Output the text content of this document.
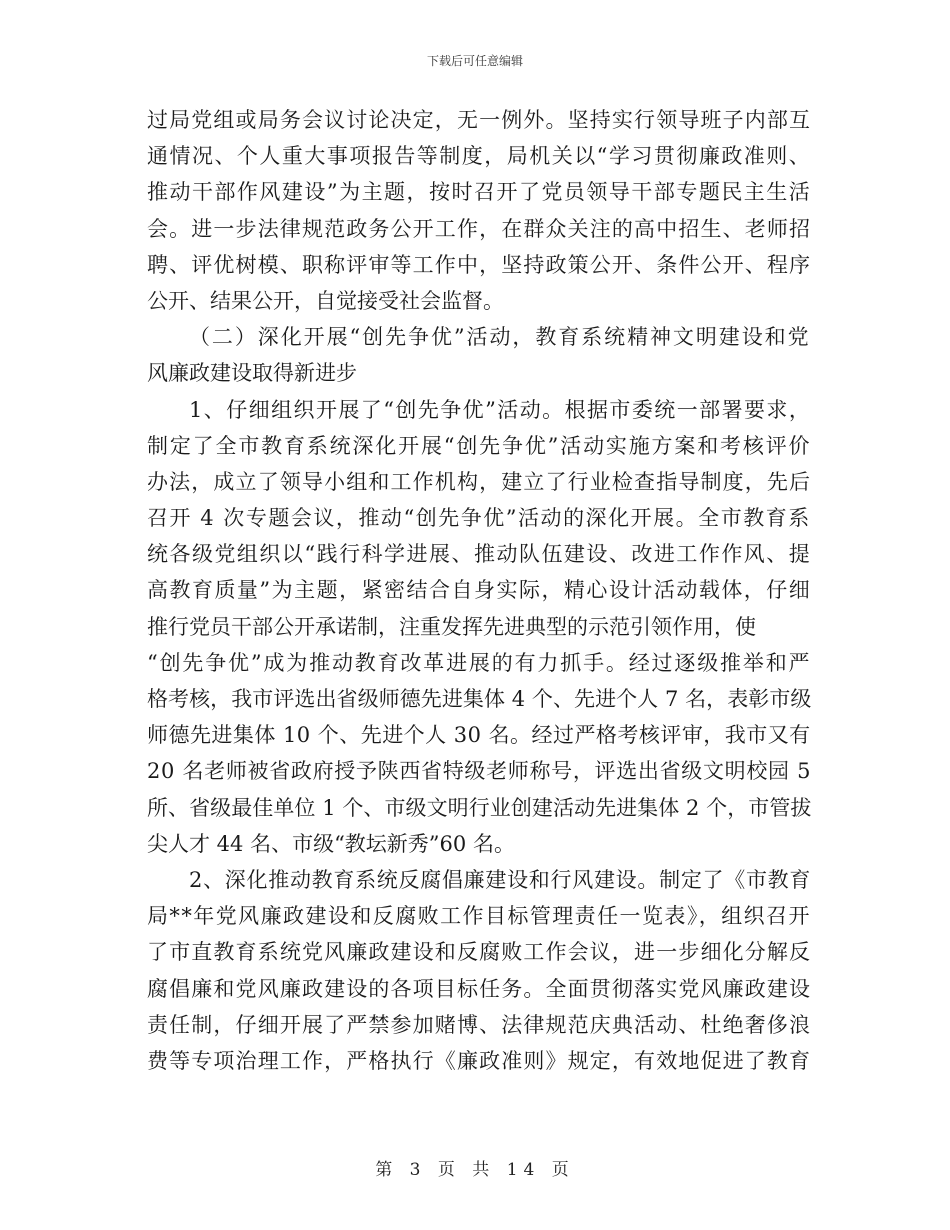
下载后可任意编辑
过局党组或局务会议讨论决定，无一例外。坚持实行领导班子内部互
通情况、个人重大事项报告等制度，局机关以“学习贯彻廉政准则、
推动干部作风建设”为主题，按时召开了党员领导干部专题民主生活
会。进一步法律规范政务公开工作，在群众关注的高中招生、老师招
聘、评优树模、职称评审等工作中，坚持政策公开、条件公开、程序
公开、结果公开，自觉接受社会监督。
（二）深化开展“创先争优”活动，教育系统精神文明建设和党
风廉政建设取得新进步
1、仔细组织开展了“创先争优”活动。根据市委统一部署要求，
制定了全市教育系统深化开展“创先争优”活动实施方案和考核评价
办法，成立了领导小组和工作机构，建立了行业检查指导制度，先后
召开 4 次专题会议，推动“创先争优”活动的深化开展。全市教育系
统各级党组织以“践行科学进展、推动队伍建设、改进工作作风、提
高教育质量”为主题，紧密结合自身实际，精心设计活动载体，仔细
推行党员干部公开承诺制，注重发挥先进典型的示范引领作用，使
“创先争优”成为推动教育改革进展的有力抓手。经过逐级推举和严
格考核，我市评选出省级师德先进集体 4 个、先进个人 7 名，表彰市级
师德先进集体 10 个、先进个人 30 名。经过严格考核评审，我市又有
20 名老师被省政府授予陕西省特级老师称号，评选出省级文明校园 5
所、省级最佳单位 1 个、市级文明行业创建活动先进集体 2 个，市管拔
尖人才 44 名、市级“教坛新秀”60 名。
2、深化推动教育系统反腐倡廉建设和行风建设。制定了《市教育
局**年党风廉政建设和反腐败工作目标管理责任一览表》，组织召开
了市直教育系统党风廉政建设和反腐败工作会议，进一步细化分解反
腐倡廉和党风廉政建设的各项目标任务。全面贯彻落实党风廉政建设
责任制，仔细开展了严禁参加赌博、法律规范庆典活动、杜绝奢侈浪
费等专项治理工作，严格执行《廉政准则》规定，有效地促进了教育
第 3 页 共 14 页
